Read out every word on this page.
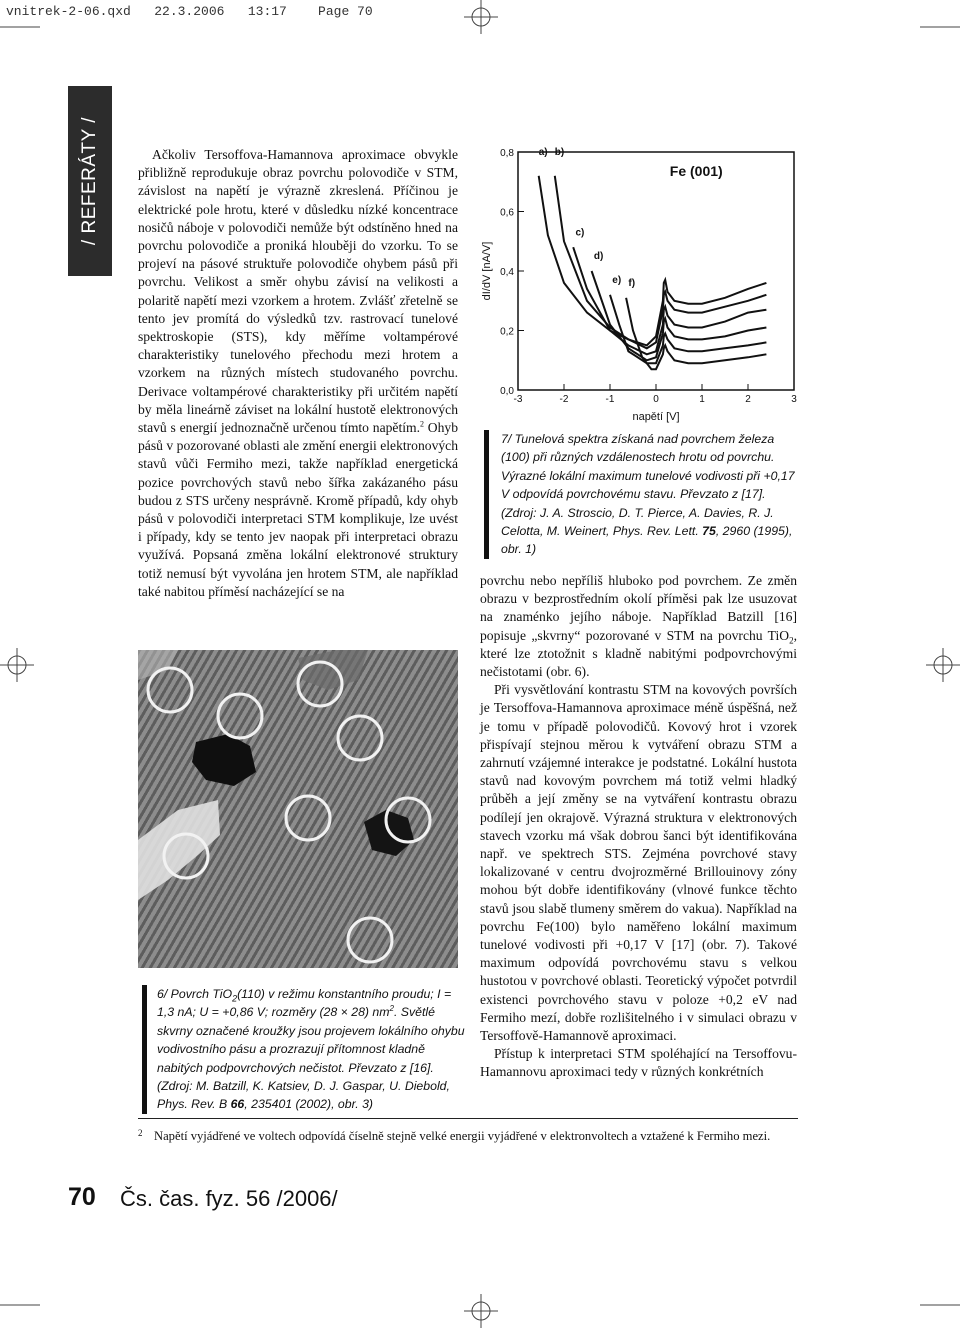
vnitrek-2-06.qxd   22.3.2006   13:17    Page 70
/ REFERÁTY /	Ačkoliv Tersoffova-Hamannova aproximace obvykle přibližně reprodukuje obraz povrchu polovodiče v STM, závislost na napětí je výrazně zkreslená. Příčinou je elektrické pole hrotu, které v důsledku nízké koncentrace nosičů náboje v polovodiči nemůže být odstíněno hned na povrchu polovodiče a proniká hlouběji do vzorku. To se projeví na pásové struktuře polovodiče ohybem pásů při povrchu. Velikost a směr ohybu závisí na velikosti a polaritě napětí mezi vzorkem a hrotem. Zvlášť zřetelně se tento jev promítá do výsledků tzv. rastrovací tunelové spektroskopie (STS), kdy měříme voltampérové charakteristiky tunelového přechodu mezi hrotem a vzorkem na různých místech studovaného povrchu. Derivace voltampérové charakteristiky při určitém napětí by měla lineárně záviset na lokální hustotě elektronových stavů s energií jednoznačně určenou tímto napětím.$^2$ Ohyb pásů v pozorované oblasti ale změní energii elektronových stavů vůči Fermiho mezi, takže například energetická pozice povrchových stavů nebo šířka zakázaného pásu budou z STS určeny nesprávně. Kromě případů, kdy ohyb pásů v polovodiči interpretaci STM komplikuje, lze uvést i případy, kdy se tento jev naopak při interpretaci obrazu využívá. Popsaná změna lokální elektronové struktury totiž nemusí být vyvolána jen hrotem STM, ale například také nabitou příměsí nacházející se na

6/ Povrch TiO$_2$(110) v režimu konstantního proudu; I = 1,3 nA; U = +0,86 V; rozměry (28 × 28) $nm^2$. Světlé skvrny označené kroužky jsou projevem lokálního ohybu vodivostního pásu a prozrazují přítomnost kladně nabitých podpovrchových nečistot. Převzato z [16]. (Zdroj: M. Batzill, K. Katsiev, D. J. Gaspar, U. Diebold, Phys. Rev. B 66, 235401 (2002), obr. 3)
-3	-2	-1	0	1	2	3
0,0
0,2
0,4
0,6
0,8
napětí [V]
dI/dV [nA/V]
Fe (001)
a) b)
c)
d)
e) f)
7/ Tunelová spektra získaná nad povrchem železa (100) při různých vzdálenostech hrotu od povrchu. Výrazné lokální maximum tunelové vodivosti při +0,17 V odpovídá povrchovému stavu. Převzato z [17]. (Zdroj: J. A. Stroscio, D. T. Pierce, A. Davies, R. J. Celotta, M. Weinert, Phys. Rev. Lett. 75, 2960 (1995), obr. 1)

povrchu nebo nepříliš hluboko pod povrchem. Ze změn obrazu v bezprostředním okolí příměsi pak lze usuzovat na znaménko jejího náboje. Například Batzill [16] popisuje „skvrny“ pozorované v STM na povrchu TiO$_2$, které lze ztotožnit s kladně nabitými podpovrchovými nečistotami (obr. 6).

Při vysvětlování kontrastu STM na kovových površích je Tersoffova-Hamannova aproximace méně úspěšná, než je tomu v případě polovodičů. Kovový hrot i vzorek přispívají stejnou měrou k vytváření obrazu STM a zahrnutí vzájemné interakce je podstatné. Lokální hustota stavů nad kovovým povrchem má totiž velmi hladký průběh a její změny se na vytváření kontrastu obrazu podílejí jen okrajově. Výrazná struktura v elektronových stavech vzorku má však dobrou šanci být identifikována např. ve spektrech STS. Zejména povrchové stavy lokalizované v centru dvojrozměrné Brillouinovy zóny mohou být dobře identifikovány (vlnové funkce těchto stavů jsou slabě tlumeny směrem do vakua). Například na povrchu Fe(100) bylo naměřeno lokální maximum tunelové vodivosti při +0,17 V [17] (obr. 7). Takové maximum odpovídá povrchovému stavu s velkou hustotou v povrchové oblasti. Teoretický výpočet potvrdil existenci povrchového stavu v poloze +0,2 eV nad Fermiho mezí, dobře rozlišitelného i v simulaci obrazu v Tersoffově-Hamannově aproximaci.

Přístup k interpretaci STM spoléhající na Tersoffovu-Hamannovu aproximaci tedy v různých konkrétních

2 Napětí vyjádřené ve voltech odpovídá číselně stejně velké energii vyjádřené v elektronvoltech a vztažené k Fermiho mezi.
70 Čs. čas. fyz. 56 /2006/
